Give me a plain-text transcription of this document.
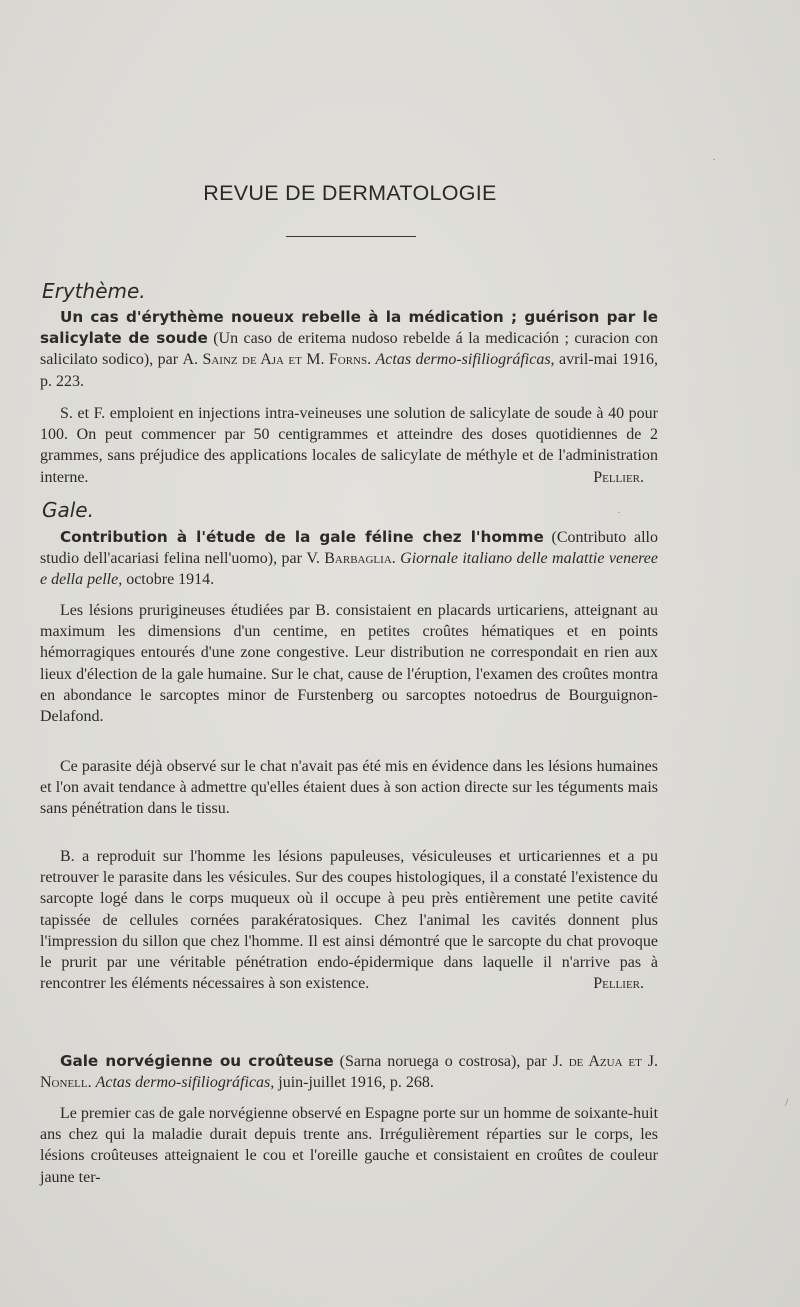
REVUE DE DERMATOLOGIE
Erythème.
Un cas d'érythème noueux rebelle à la médication ; guérison par le salicylate de soude (Un caso de eritema nudoso rebelde á la medicación ; curacion con salicilato sodico), par A. Sainz de Aja et M. Forns. Actas dermo-sifiliográficas, avril-mai 1916, p. 223.
S. et F. emploient en injections intra-veineuses une solution de salicylate de soude à 40 pour 100. On peut commencer par 50 centigrammes et atteindre des doses quotidiennes de 2 grammes, sans préjudice des applications locales de salicylate de méthyle et de l'administration interne.	Pellier.
Gale.
Contribution à l'étude de la gale féline chez l'homme (Contributo allo studio dell'acariasi felina nell'uomo), par V. Barbaglia. Giornale italiano delle malattie veneree e della pelle, octobre 1914.
Les lésions prurigineuses étudiées par B. consistaient en placards urticariens, atteignant au maximum les dimensions d'un centime, en petites croûtes hématiques et en points hémorragiques entourés d'une zone congestive. Leur distribution ne correspondait en rien aux lieux d'élection de la gale humaine. Sur le chat, cause de l'éruption, l'examen des croûtes montra en abondance le sarcoptes minor de Furstenberg ou sarcoptes notoedrus de Bourguignon-Delafond.
Ce parasite déjà observé sur le chat n'avait pas été mis en évidence dans les lésions humaines et l'on avait tendance à admettre qu'elles étaient dues à son action directe sur les téguments mais sans pénétration dans le tissu.
B. a reproduit sur l'homme les lésions papuleuses, vésiculeuses et urticariennes et a pu retrouver le parasite dans les vésicules. Sur des coupes histologiques, il a constaté l'existence du sarcopte logé dans le corps muqueux où il occupe à peu près entièrement une petite cavité tapissée de cellules cornées parakératosiques. Chez l'animal les cavités donnent plus l'impression du sillon que chez l'homme. Il est ainsi démontré que le sarcopte du chat provoque le prurit par une véritable pénétration endo-épidermique dans laquelle il n'arrive pas à rencontrer les éléments nécessaires à son existence.	Pellier.
Gale norvégienne ou croûteuse (Sarna noruega o costrosa), par J. de Azua et J. Nonell. Actas dermo-sifiliográficas, juin-juillet 1916, p. 268.
Le premier cas de gale norvégienne observé en Espagne porte sur un homme de soixante-huit ans chez qui la maladie durait depuis trente ans. Irrégulièrement réparties sur le corps, les lésions croûteuses atteignaient le cou et l'oreille gauche et consistaient en croûtes de couleur jaune ter-
·
·
/
